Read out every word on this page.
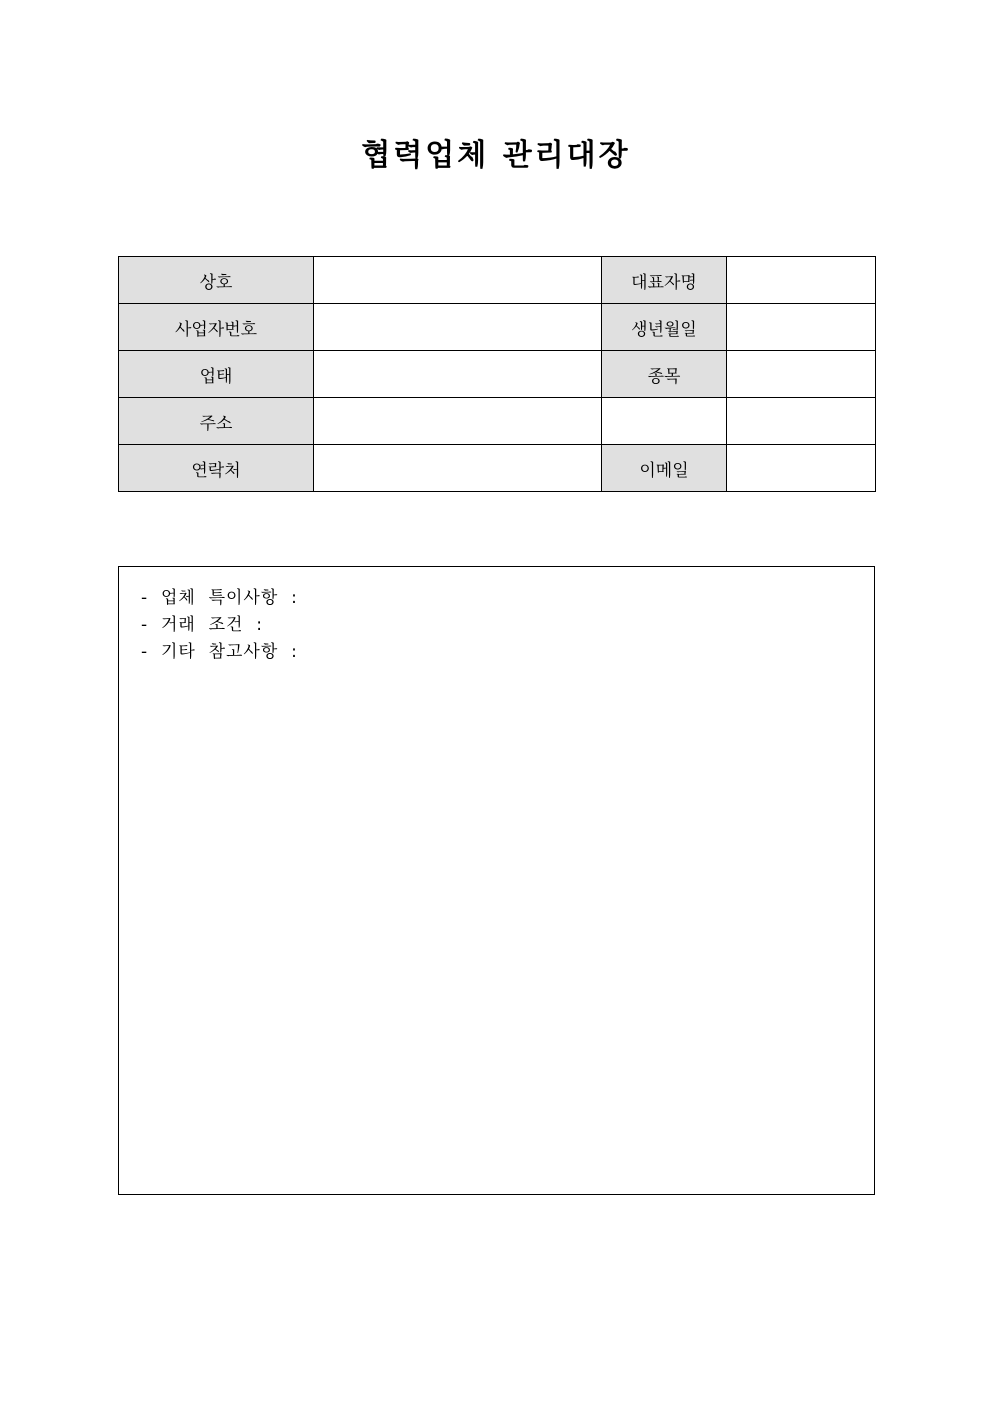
협력업체 관리대장
상호		대표자명	
사업자번호		생년월일	
업태		종목	
주소			
연락처		이메일	
-  업체  특이사항  :
-  거래  조건  :
-  기타  참고사항  :
